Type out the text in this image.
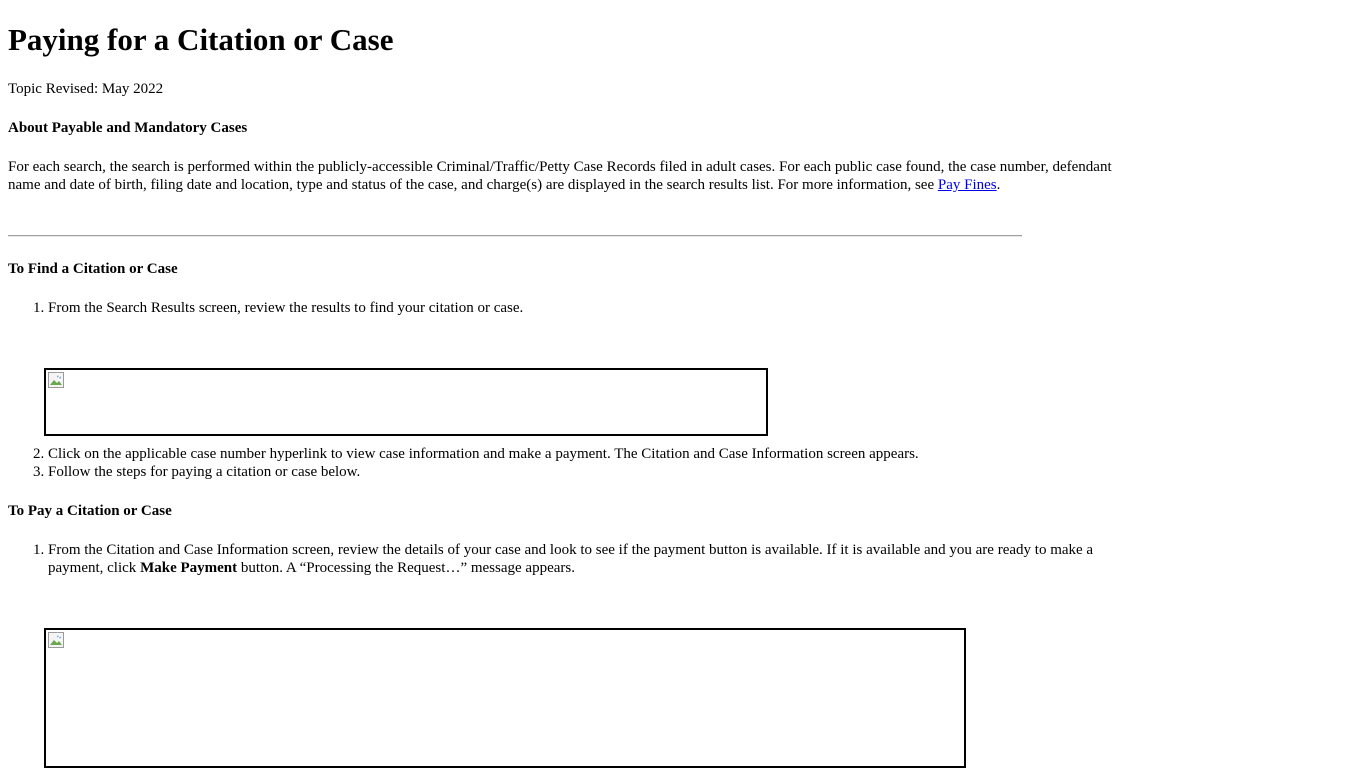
Paying for a Citation or Case

Topic Revised: May 2022

About Payable and Mandatory Cases

For each search, the search is performed within the publicly-accessible Criminal/Traffic/Petty Case Records filed in adult cases. For each public case found, the case number, defendant name and date of birth, filing date and location, type and status of the case, and charge(s) are displayed in the search results list. For more information, see Pay Fines.

To Find a Citation or Case

1. From the Search Results screen, review the results to find your citation or case.
2. Click on the applicable case number hyperlink to view case information and make a payment. The Citation and Case Information screen appears.
3. Follow the steps for paying a citation or case below.

To Pay a Citation or Case

1. From the Citation and Case Information screen, review the details of your case and look to see if the payment button is available. If it is available and you are ready to make a payment, click Make Payment button. A “Processing the Request…” message appears.
